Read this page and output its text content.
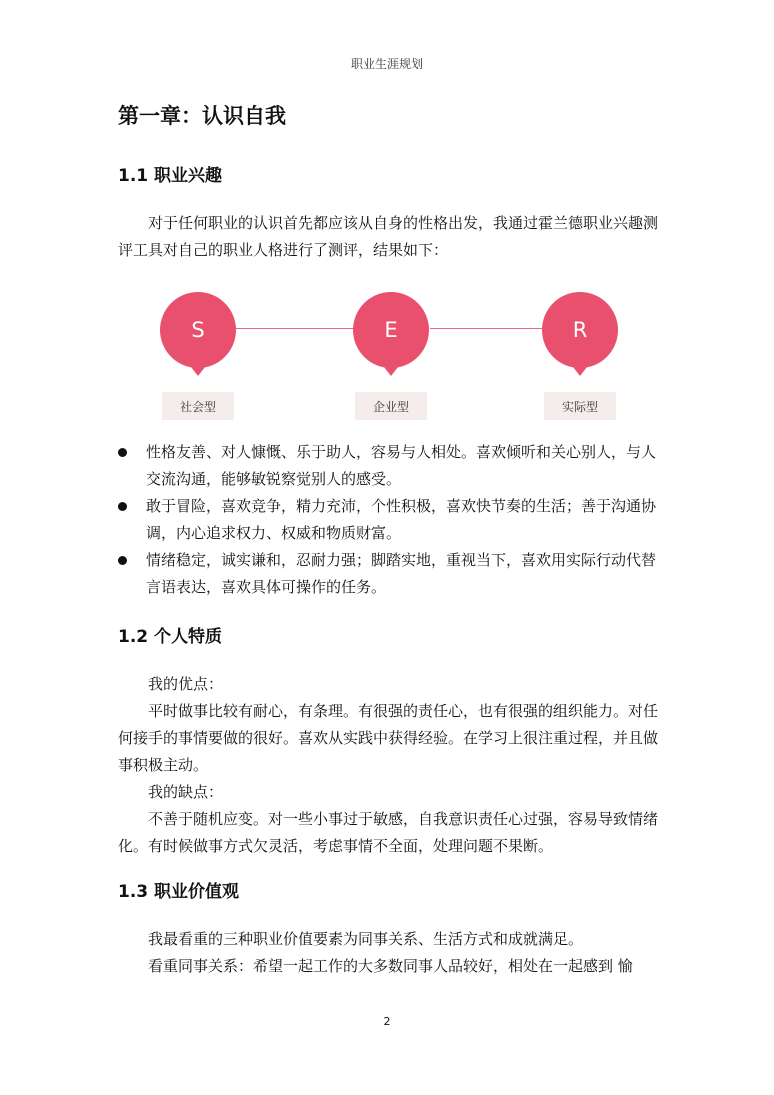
职业生涯规划
第一章：认识自我
1.1 职业兴趣

对于任何职业的认识首先都应该从自身的性格出发，我通过霍兰德职业兴趣测评工具对自己的职业人格进行了测评，结果如下：

S
社会型
E
企业型
R
实际型
性格友善、对人慷慨、乐于助人，容易与人相处。喜欢倾听和关心别人，与人交流沟通，能够敏锐察觉别人的感受。
敢于冒险，喜欢竞争，精力充沛，个性积极，喜欢快节奏的生活；善于沟通协调，内心追求权力、权威和物质财富。
情绪稳定，诚实谦和，忍耐力强；脚踏实地，重视当下，喜欢用实际行动代替言语表达，喜欢具体可操作的任务。
1.2 个人特质

我的优点：

平时做事比较有耐心，有条理。有很强的责任心，也有很强的组织能力。对任何接手的事情要做的很好。喜欢从实践中获得经验。在学习上很注重过程，并且做事积极主动。

我的缺点：

不善于随机应变。对一些小事过于敏感，自我意识责任心过强，容易导致情绪化。有时候做事方式欠灵活，考虑事情不全面，处理问题不果断。

1.3 职业价值观

我最看重的三种职业价值要素为同事关系、生活方式和成就满足。

看重同事关系：希望一起工作的大多数同事人品较好，相处在一起感到 愉

2
